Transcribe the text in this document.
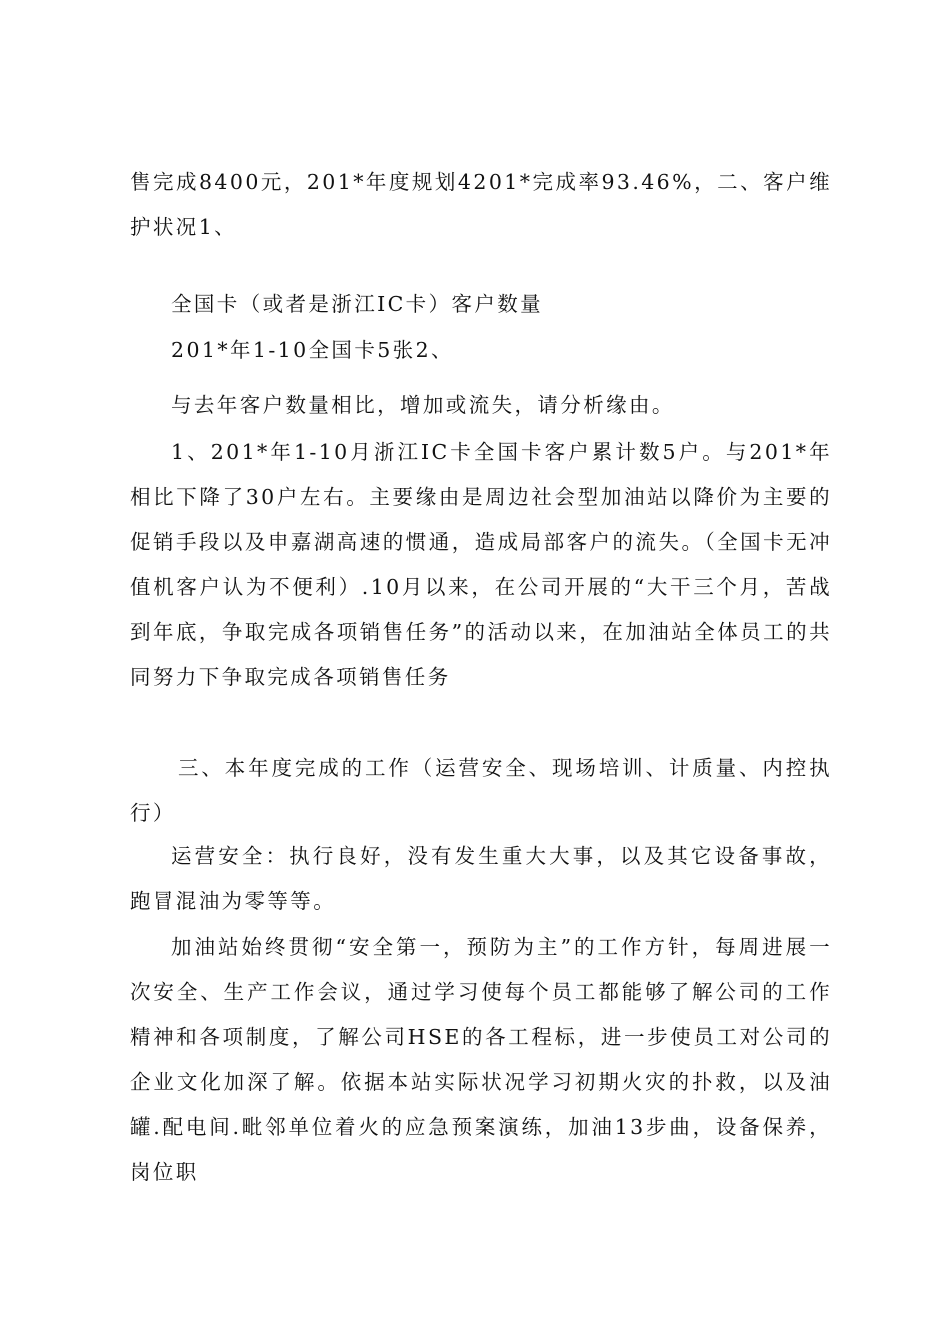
售完成8400元，201*年度规划4201*完成率93.46%，二、客户维护状况1、

全国卡（或者是浙江IC卡）客户数量

201*年1-10全国卡5张2、

与去年客户数量相比，增加或流失，请分析缘由。

1、201*年1-10月浙江IC卡全国卡客户累计数5户。与201*年相比下降了30户左右。主要缘由是周边社会型加油站以降价为主要的促销手段以及申嘉湖高速的惯通，造成局部客户的流失。（全国卡无冲值机客户认为不便利）.10月以来，在公司开展的“大干三个月，苦战到年底，争取完成各项销售任务”的活动以来，在加油站全体员工的共同努力下争取完成各项销售任务

三、本年度完成的工作（运营安全、现场培训、计质量、内控执行）

运营安全：执行良好，没有发生重大大事，以及其它设备事故，跑冒混油为零等等。

加油站始终贯彻“安全第一，预防为主”的工作方针，每周进展一次安全、生产工作会议，通过学习使每个员工都能够了解公司的工作精神和各项制度，了解公司HSE的各工程标，进一步使员工对公司的企业文化加深了解。依据本站实际状况学习初期火灾的扑救，以及油罐.配电间.毗邻单位着火的应急预案演练，加油13步曲，设备保养，岗位职
